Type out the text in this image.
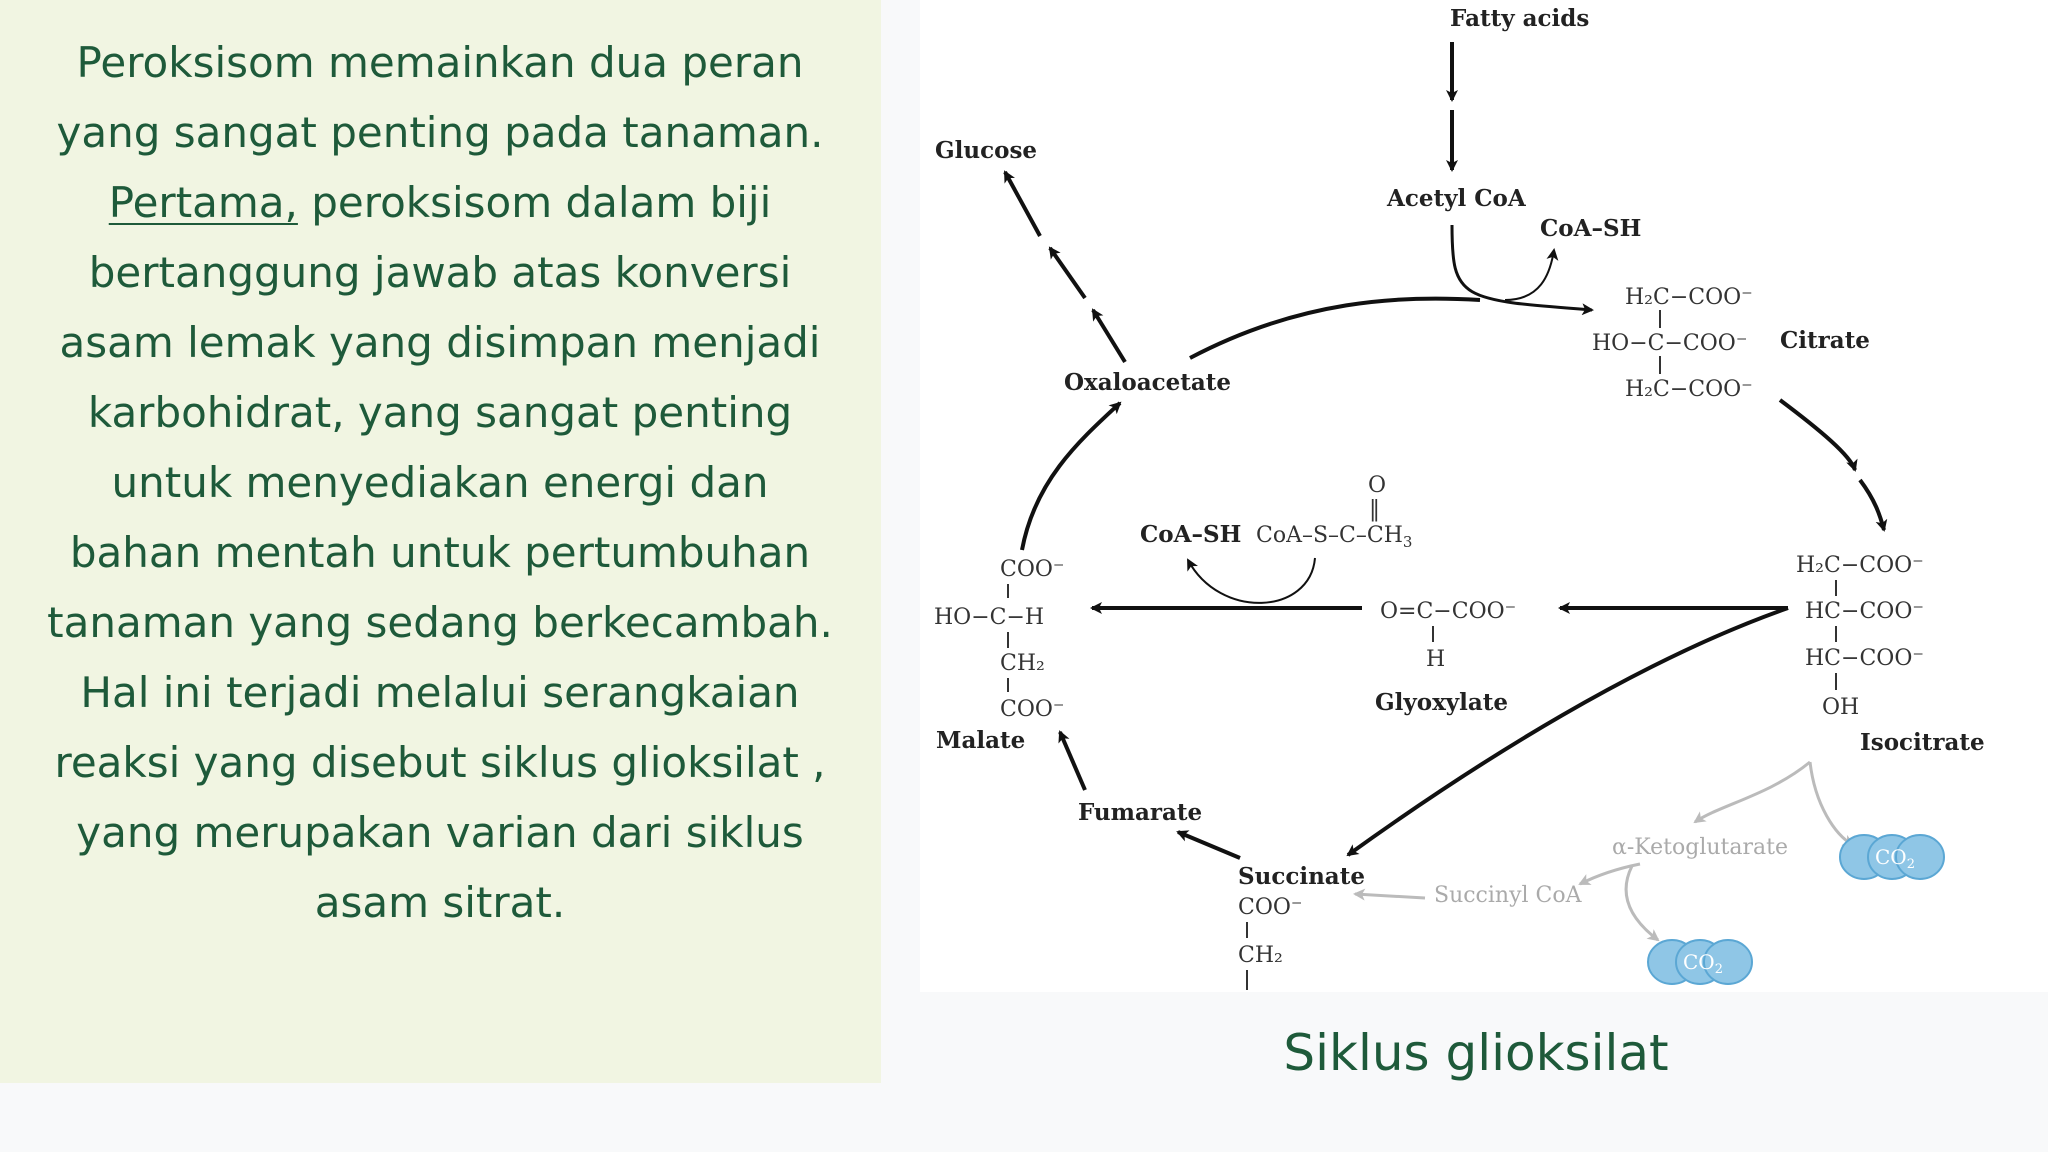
Peroksisom memainkan dua peran
yang sangat penting pada tanaman.
Pertama, peroksisom dalam biji
bertanggung jawab atas konversi
asam lemak yang disimpan menjadi
karbohidrat, yang sangat penting
untuk menyediakan energi dan
bahan mentah untuk pertumbuhan
tanaman yang sedang berkecambah.
Hal ini terjadi melalui serangkaian
reaksi yang disebut siklus glioksilat ,
yang merupakan varian dari siklus
asam sitrat.
Fatty acids
Acetyl CoA
CoA–SH
H₂C−COO⁻
HO−C−COO⁻
H₂C−COO⁻
Citrate
H₂C−COO⁻
HC−COO⁻
HC−COO⁻
OH
Isocitrate
O=C−COO⁻
H
Glyoxylate
O
‖
CoA–$S-C-CH_3$
CoA–SH
COO⁻
HO−C−H
CH₂
COO⁻
Malate
Oxaloacetate
Glucose
Fumarate
Succinate
COO⁻
CH₂
α-Ketoglutarate
Succinyl CoA
$CO_2$
$CO_2$
Siklus glioksilat
